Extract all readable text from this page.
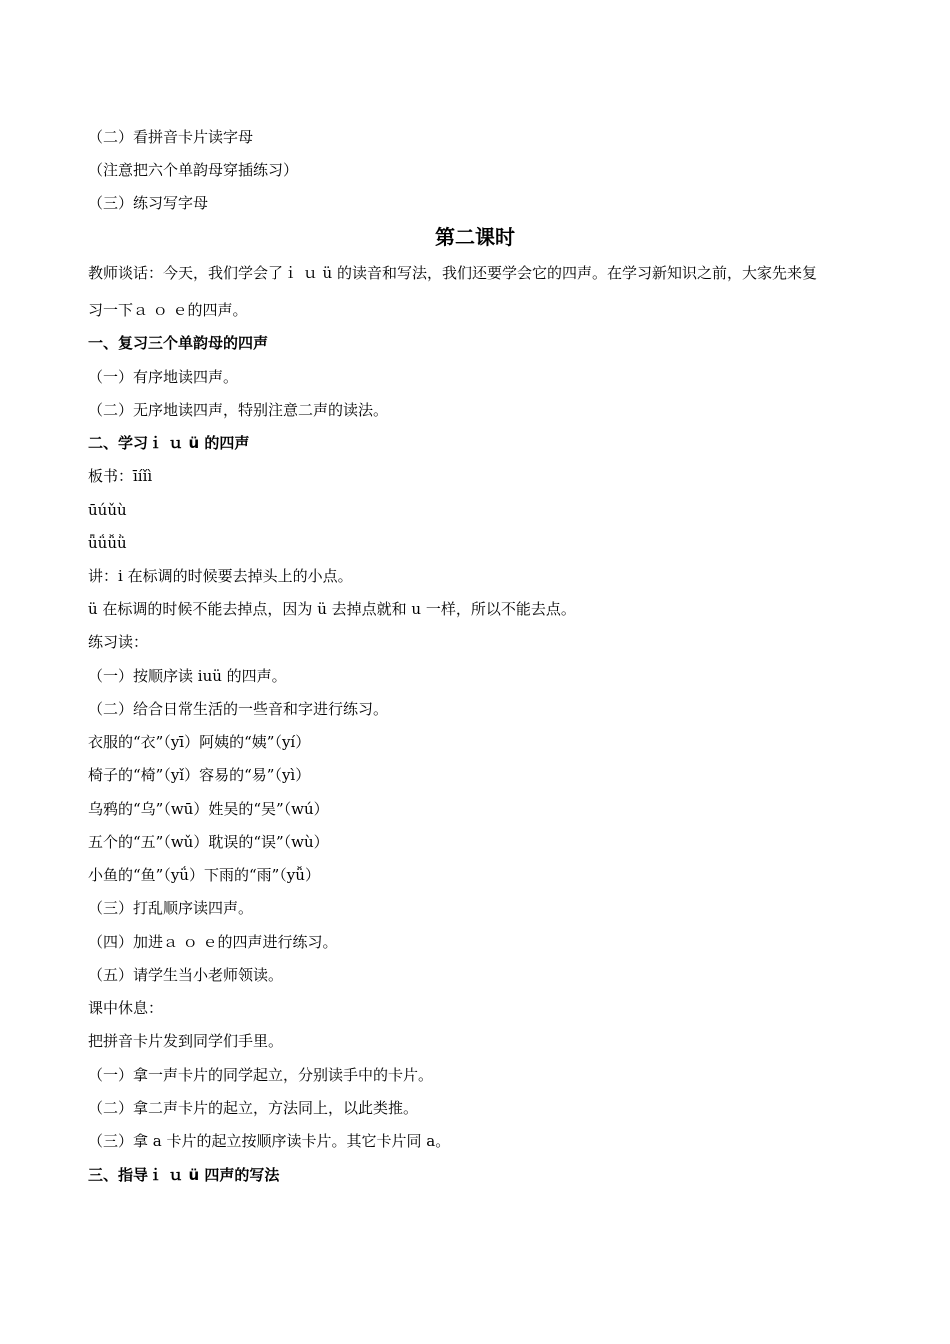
（二）看拼音卡片读字母
（注意把六个单韵母穿插练习）
（三）练习写字母
第二课时
教师谈话：今天，我们学会了ｉ ｕ ü 的读音和写法，我们还要学会它的四声。在学习新知识之前，大家先来复
习一下ａ ｏ ｅ的四声。
一、复习三个单韵母的四声
（一）有序地读四声。
（二）无序地读四声，特别注意二声的读法。
二、学习ｉ ｕ ü 的四声
板书：īíǐì
ūúǔù
ǖǘǚǜ
讲：i 在标调的时候要去掉头上的小点。
ü 在标调的时候不能去掉点，因为 ü 去掉点就和 u 一样，所以不能去点。
练习读：
（一）按顺序读 iuü 的四声。
（二）给合日常生活的一些音和字进行练习。
衣服的“衣”（yī）阿姨的“姨”（yí）
椅子的“椅”（yǐ）容易的“易”（yì）
乌鸦的“乌”（wū）姓吴的“吴”（wú）
五个的“五”（wǔ）耽误的“误”（wù）
小鱼的“鱼”（yǘ）下雨的“雨”（yǚ）
（三）打乱顺序读四声。
（四）加进ａ ｏ ｅ的四声进行练习。
（五）请学生当小老师领读。
课中休息：
把拼音卡片发到同学们手里。
（一）拿一声卡片的同学起立，分别读手中的卡片。
（二）拿二声卡片的起立，方法同上，以此类推。
（三）拿 a 卡片的起立按顺序读卡片。其它卡片同 a。
三、指导ｉ ｕ ü 四声的写法
